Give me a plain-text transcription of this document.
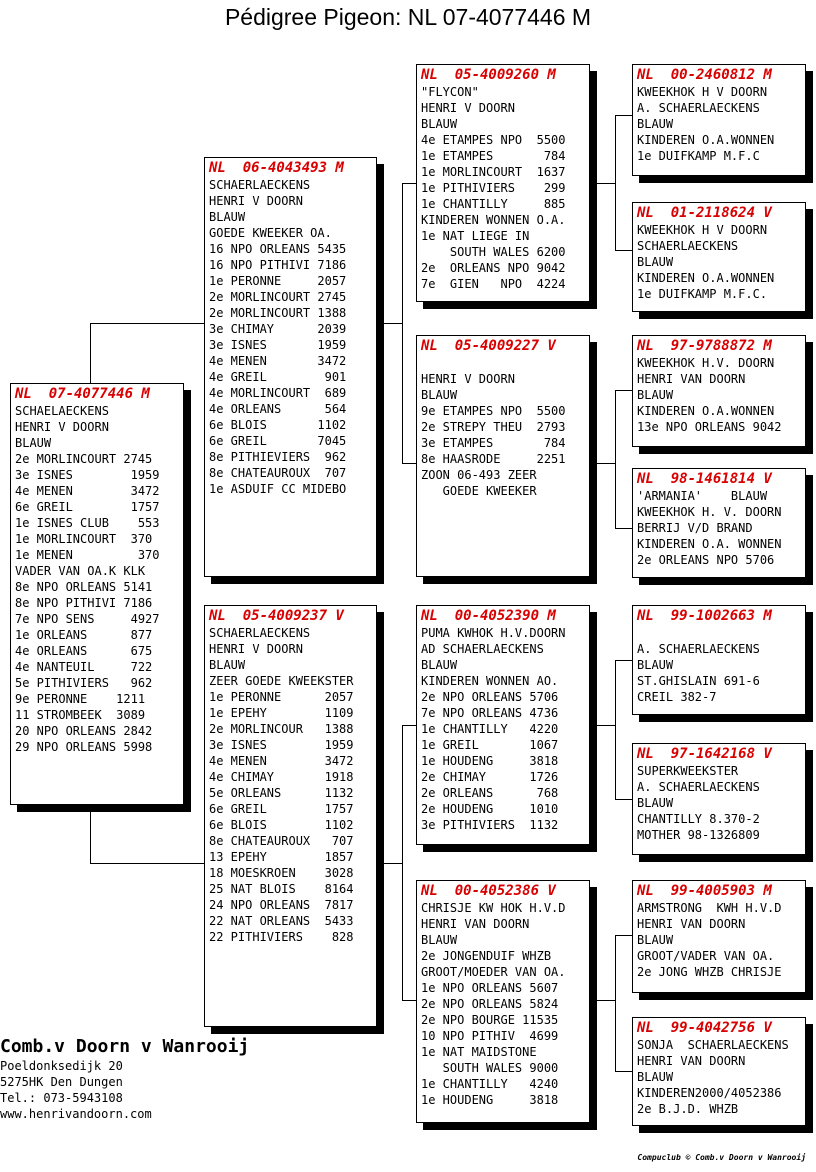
Pédigree Pigeon: NL 07-4077446 M
NL  07-4077446 M
SCHAELAECKENS
HENRI V DOORN
BLAUW
2e MORLINCOURT 2745
3e ISNES        1959
4e MENEN        3472
6e GREIL        1757
1e ISNES CLUB    553
1e MORLINCOURT  370
1e MENEN         370
VADER VAN OA.K KLK
8e NPO ORLEANS 5141
8e NPO PITHIVI 7186
7e NPO SENS     4927
1e ORLEANS      877
4e ORLEANS      675
4e NANTEUIL     722
5e PITHIVIERS   962
9e PERONNE    1211
11 STROMBEEK  3089
20 NPO ORLEANS 2842
29 NPO ORLEANS 5998
NL  06-4043493 M
SCHAERLAECKENS
HENRI V DOORN
BLAUW
GOEDE KWEEKER OA.
16 NPO ORLEANS 5435
16 NPO PITHIVI 7186
1e PERONNE     2057
2e MORLINCOURT 2745
2e MORLINCOURT 1388
3e CHIMAY      2039
3e ISNES       1959
4e MENEN       3472
4e GREIL        901
4e MORLINCOURT  689
4e ORLEANS      564
6e BLOIS       1102
6e GREIL       7045
8e PITHIEVIERS  962
8e CHATEAUROUX  707
1e ASDUIF CC MIDEBO
NL  05-4009237 V
SCHAERLAECKENS
HENRI V DOORN
BLAUW
ZEER GOEDE KWEEKSTER
1e PERONNE      2057
1e EPEHY        1109
2e MORLINCOUR   1388
3e ISNES        1959
4e MENEN        3472
4e CHIMAY       1918
5e ORLEANS      1132
6e GREIL        1757
6e BLOIS        1102
8e CHATEAUROUX   707
13 EPEHY        1857
18 MOESKROEN    3028
25 NAT BLOIS    8164
24 NPO ORLEANS  7817
22 NAT ORLEANS  5433
22 PITHIVIERS    828
NL  05-4009260 M
"FLYCON"
HENRI V DOORN
BLAUW
4e ETAMPES NPO  5500
1e ETAMPES       784
1e MORLINCOURT  1637
1e PITHIVIERS    299
1e CHANTILLY     885
KINDEREN WONNEN O.A.
1e NAT LIEGE IN
SOUTH WALES 6200
2e  ORLEANS NPO 9042
7e  GIEN   NPO  4224
NL  05-4009227 V

HENRI V DOORN
BLAUW
9e ETAMPES NPO  5500
2e STREPY THEU  2793
3e ETAMPES       784
8e HAASRODE     2251
ZOON 06-493 ZEER
GOEDE KWEEKER
NL  00-4052390 M
PUMA KWHOK H.V.DOORN
AD SCHAERLAECKENS
BLAUW
KINDEREN WONNEN AO.
2e NPO ORLEANS 5706
7e NPO ORLEANS 4736
1e CHANTILLY   4220
1e GREIL       1067
1e HOUDENG     3818
2e CHIMAY      1726
2e ORLEANS      768
2e HOUDENG     1010
3e PITHIVIERS  1132
NL  00-4052386 V
CHRISJE KW HOK H.V.D
HENRI VAN DOORN
BLAUW
2e JONGENDUIF WHZB
GROOT/MOEDER VAN OA.
1e NPO ORLEANS 5607
2e NPO ORLEANS 5824
2e NPO BOURGE 11535
10 NPO PITHIV  4699
1e NAT MAIDSTONE
SOUTH WALES 9000
1e CHANTILLY   4240
1e HOUDENG     3818
NL  00-2460812 M
KWEEKHOK H V DOORN
A. SCHAERLAECKENS
BLAUW
KINDEREN O.A.WONNEN
1e DUIFKAMP M.F.C
NL  01-2118624 V
KWEEKHOK H V DOORN
SCHAERLAECKENS
BLAUW
KINDEREN O.A.WONNEN
1e DUIFKAMP M.F.C.
NL  97-9788872 M
KWEEKHOK H.V. DOORN
HENRI VAN DOORN
BLAUW
KINDEREN O.A.WONNEN
13e NPO ORLEANS 9042
NL  98-1461814 V
'ARMANIA'    BLAUW
KWEEKHOK H. V. DOORN
BERRIJ V/D BRAND
KINDEREN O.A. WONNEN
2e ORLEANS NPO 5706
NL  99-1002663 M

A. SCHAERLAECKENS
BLAUW
ST.GHISLAIN 691-6
CREIL 382-7
NL  97-1642168 V
SUPERKWEEKSTER
A. SCHAERLAECKENS
BLAUW
CHANTILLY 8.370-2
MOTHER 98-1326809
NL  99-4005903 M
ARMSTRONG  KWH H.V.D
HENRI VAN DOORN
BLAUW
GROOT/VADER VAN OA.
2e JONG WHZB CHRISJE
NL  99-4042756 V
SONJA  SCHAERLAECKENS
HENRI VAN DOORN
BLAUW
KINDEREN2000/4052386
2e B.J.D. WHZB
Comb.v Doorn v Wanrooij
Poeldonksedijk 20
5275HK Den Dungen
Tel.: 073-5943108
www.henrivandoorn.com
Compuclub © Comb.v Doorn v Wanrooij
